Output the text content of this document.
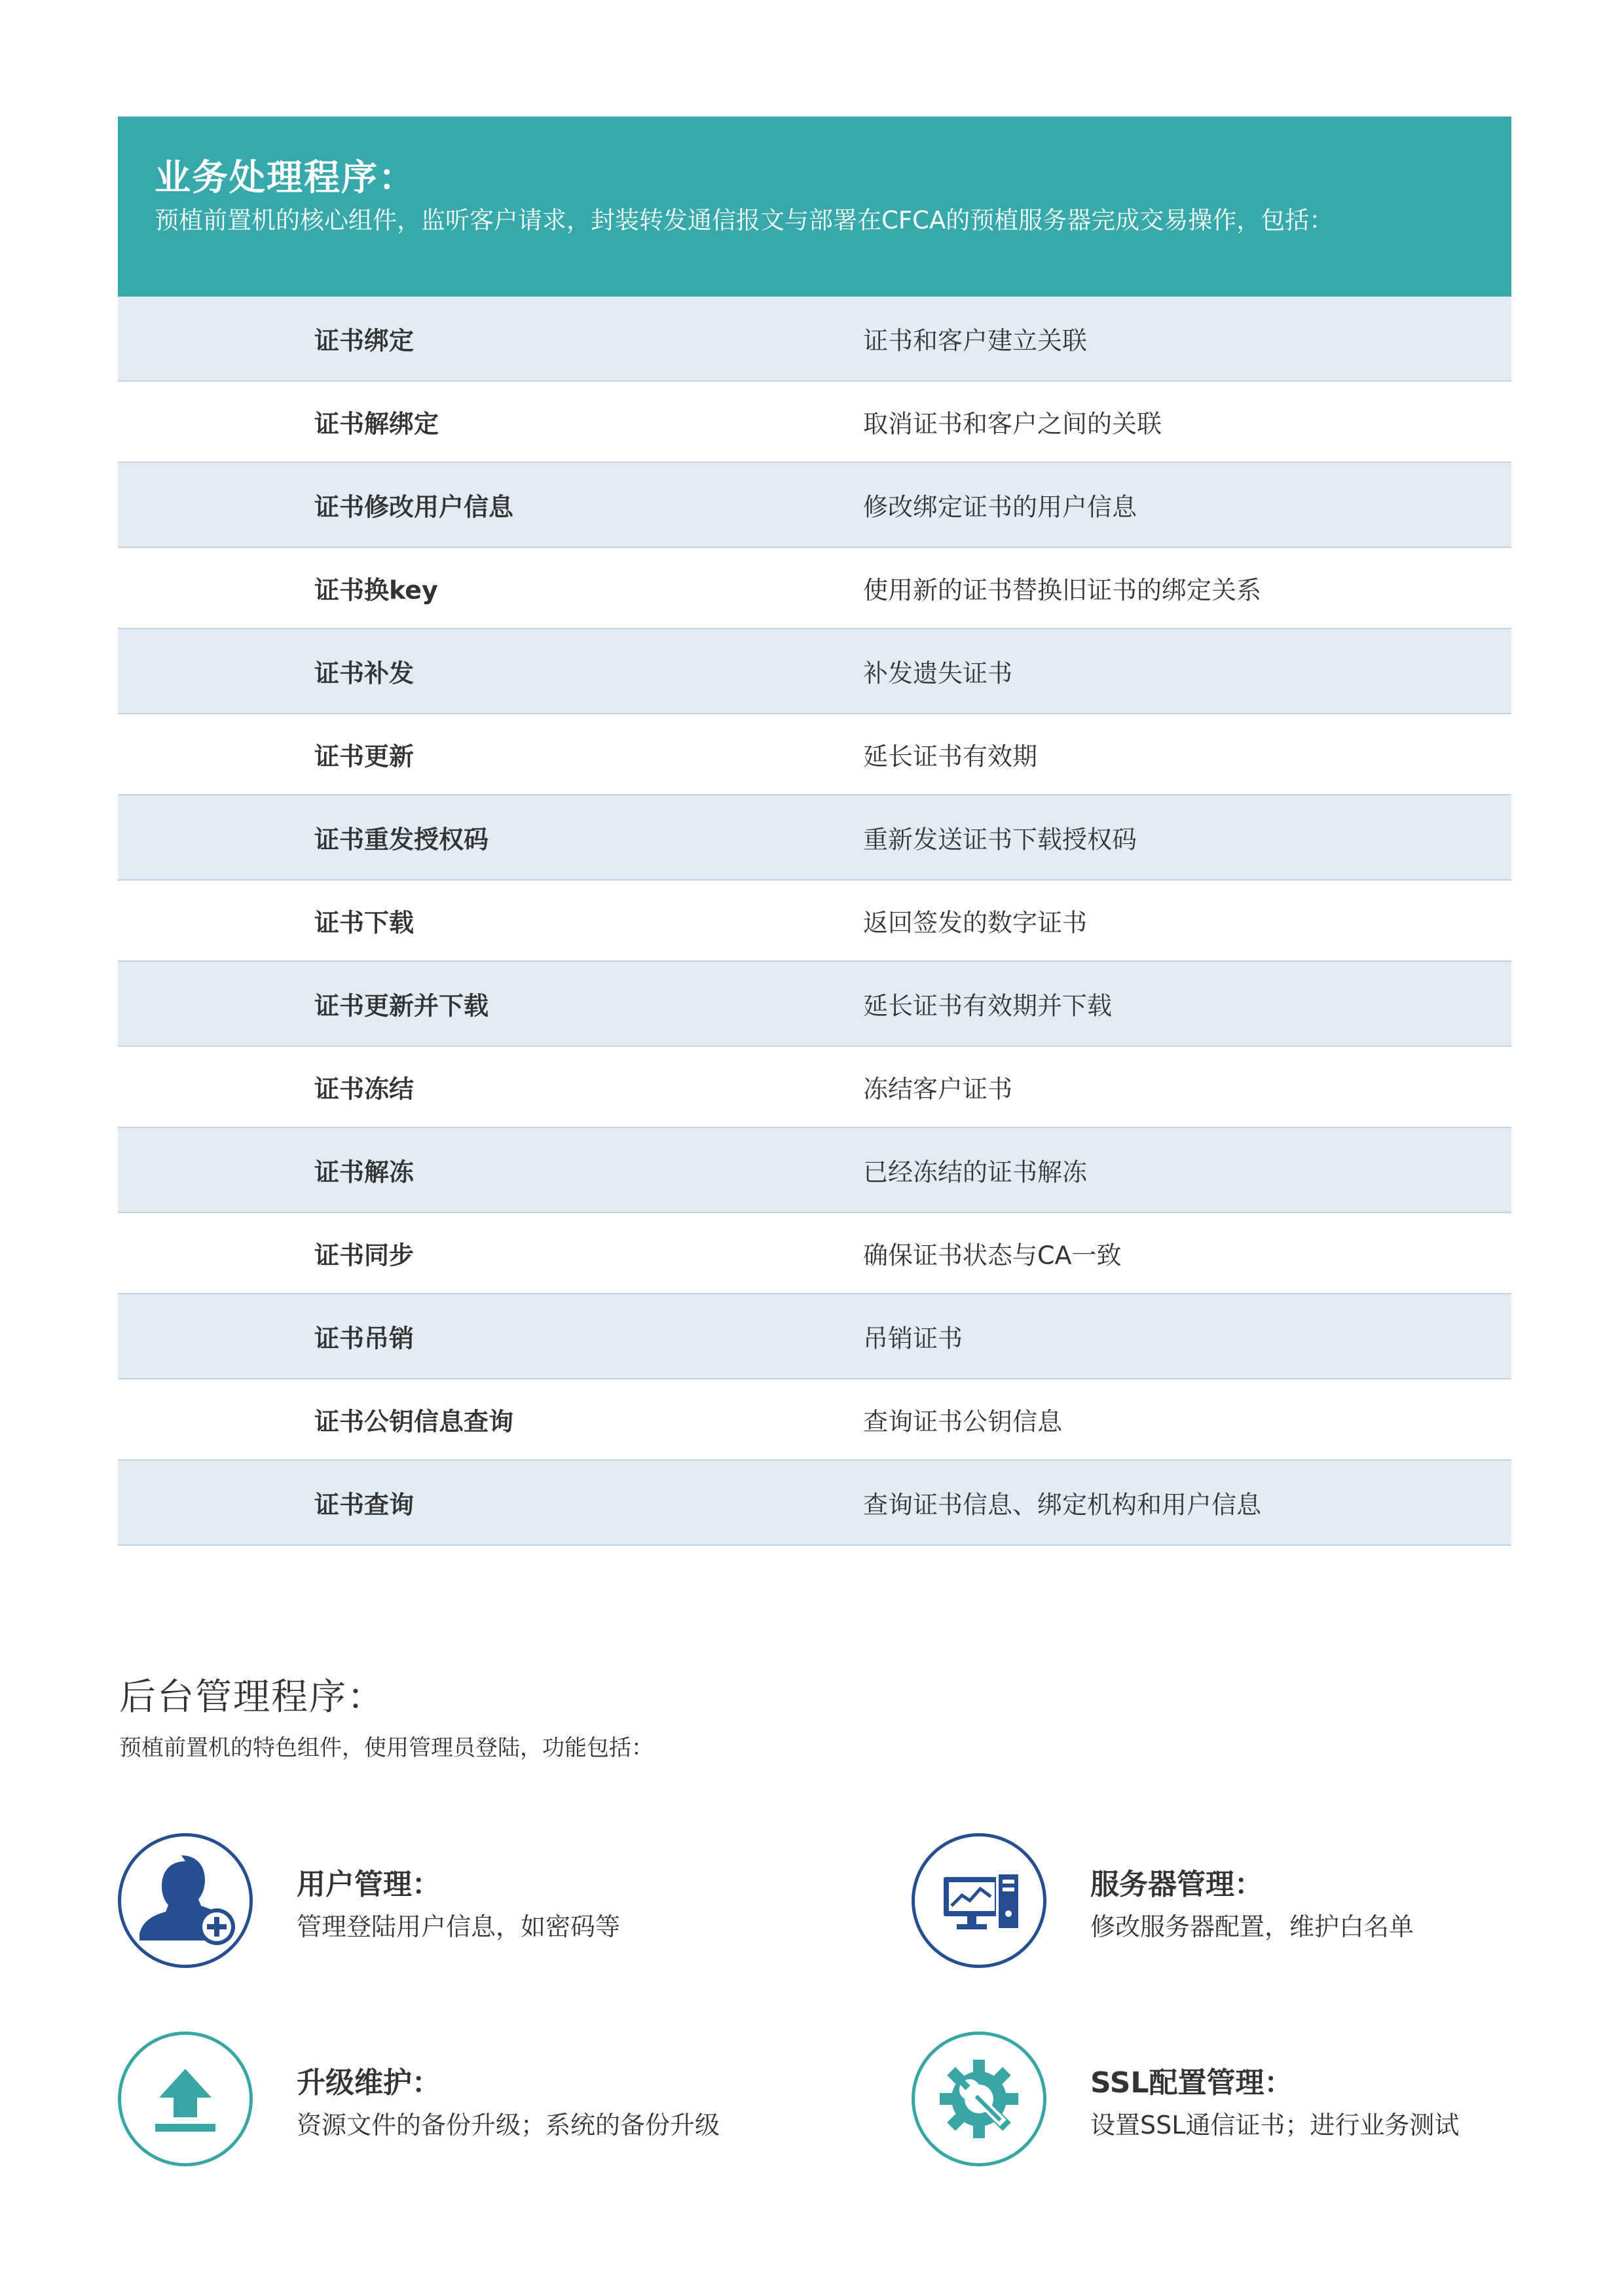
业务处理程序：
预植前置机的核心组件，监听客户请求，封装转发通信报文与部署在CFCA的预植服务器完成交易操作，包括：
证书绑定	证书和客户建立关联
证书解绑定	取消证书和客户之间的关联
证书修改用户信息	修改绑定证书的用户信息
证书换key	使用新的证书替换旧证书的绑定关系
证书补发	补发遗失证书
证书更新	延长证书有效期
证书重发授权码	重新发送证书下载授权码
证书下载	返回签发的数字证书
证书更新并下载	延长证书有效期并下载
证书冻结	冻结客户证书
证书解冻	已经冻结的证书解冻
证书同步	确保证书状态与CA一致
证书吊销	吊销证书
证书公钥信息查询	查询证书公钥信息
证书查询	查询证书信息、绑定机构和用户信息
后台管理程序：
预植前置机的特色组件，使用管理员登陆，功能包括：
用户管理：
管理登陆用户信息，如密码等
服务器管理：
修改服务器配置，维护白名单
升级维护：
资源文件的备份升级；系统的备份升级
SSL配置管理：
设置SSL通信证书；进行业务测试
